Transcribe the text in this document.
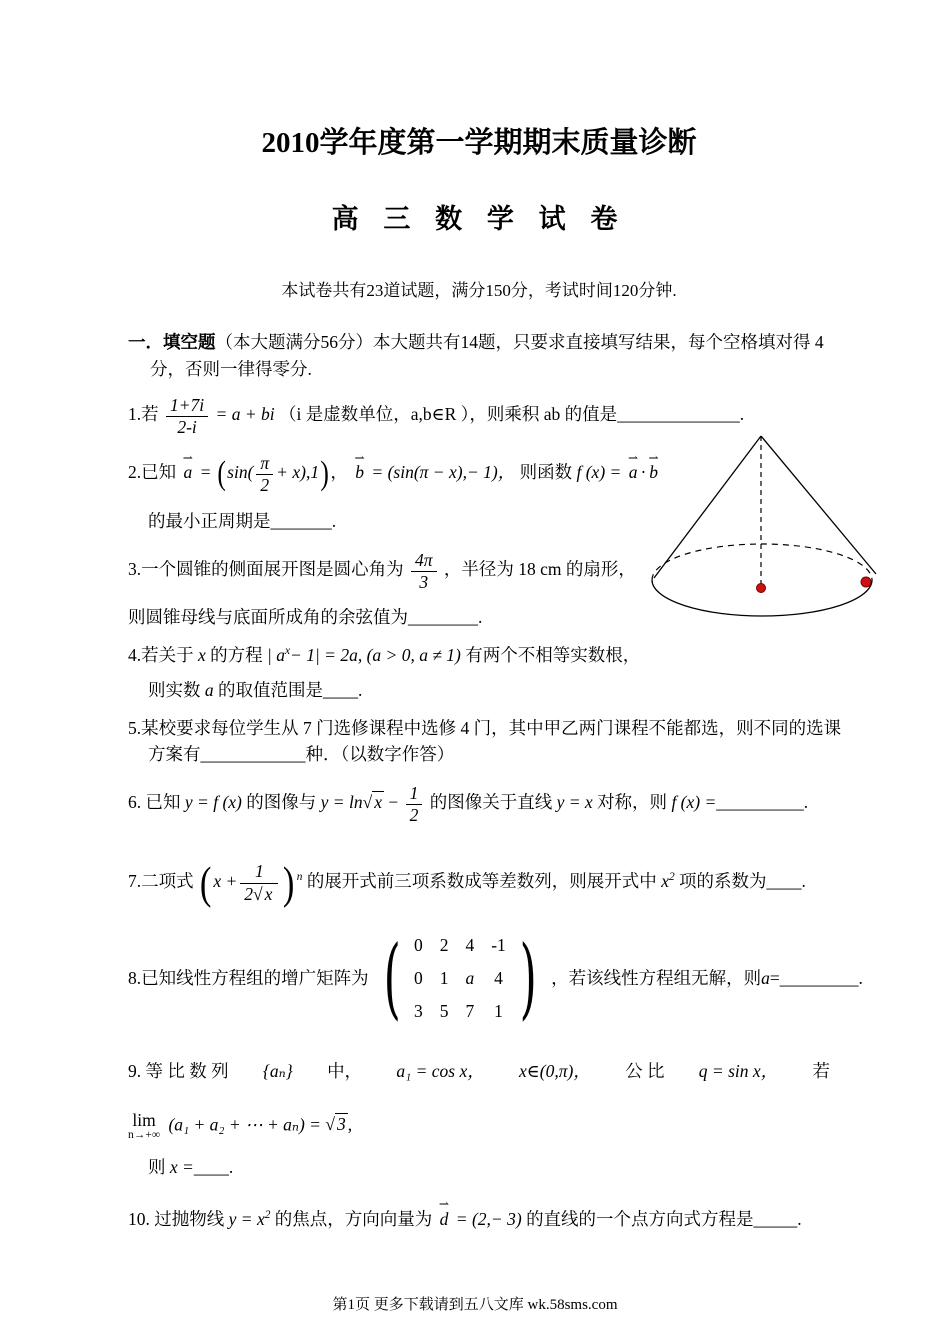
2010学年度第一学期期末质量诊断
高 三 数 学 试 卷

本试卷共有23道试题，满分150分，考试时间120分钟.

一．填空题（本大题满分56分）本大题共有14题，只要求直接填写结果，每个空格填对得 4

分，否则一律得零分.

1.若 $\frac{1+7i}{2-i} = a$ + bi （i 是虚数单位，a,b∈R ），则乘积 ab 的值是______________.
2.已知
⇀
$a = (\sin( \frac{\pi}{2} + x),1)$，
⇀
b = (sin(π − x),− 1)， 则函数 f (x) =
⇀
a ·
⇀
b
的最小正周期是_______.
3.一个圆锥的侧面展开图是圆心角为 $\frac{4\pi}{3}$ ，半径为 18 cm 的扇形，
则圆锥母线与底面所成角的余弦值为________.
4.若关于 x 的方程 | $a^x- 1| = 2a$, (a > 0, a ≠ 1) 有两个不相等实数根，
则实数 a 的取值范围是____.
5.某校要求每位学生从 7 门选修课程中选修 4 门，其中甲乙两门课程不能都选，则不同的选课
方案有____________种．（以数字作答）
6. 已知 y = f (x) 的图像与 y = ln√ $x - \frac{1}{2}$ 的图像关于直线 y = x 对称，则 f (x) =__________.
7.二项式 ( $x + \frac{1}{2√ x}$ ) $^n$ 的展开式前三项系数成等差数列，则展开式中 $x^2$ 项的系数为____.
8.已知线性方程组的增广矩阵为 ( 0 2 4 -1
0 1 a 4
3 5 7 1 ) ，若该线性方程组无解，则 a = _________.
9. 等 比 数 列 {aₙ} 中， a₁ = cos x， x∈(0,π)， 公 比 q = sin x， 若
lim
n→+∞
(a₁ + a₂ + ⋯ + aₙ) = √ 3 ,
则 x =____.
10. 过抛物线 $y = x^2$ 的焦点，方向向量为
⇀
d = (2,− 3) 的直线的一个点方向式方程是_____.

第1页 更多下载请到五八文库 wk.58sms.com
